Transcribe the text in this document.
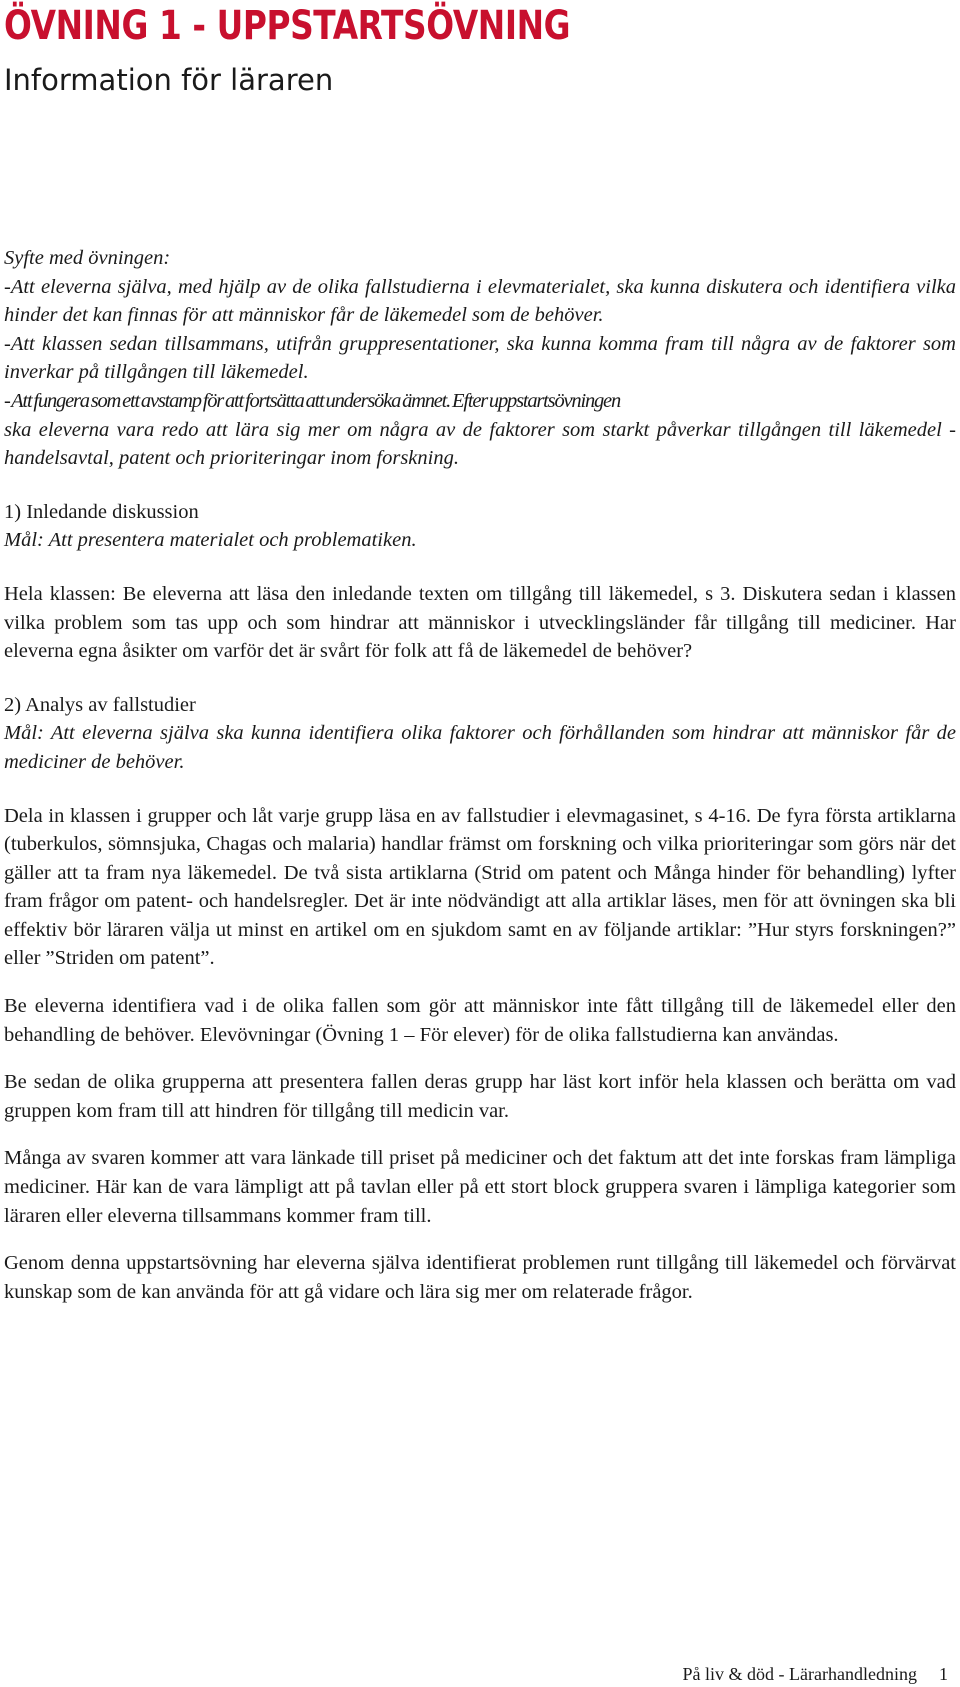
ÖVNING 1 - UPPSTARTSÖVNING
Information för läraren

Syfte med övningen:

-Att eleverna själva, med hjälp av de olika fallstudierna i elevmaterialet, ska kunna diskutera och identifiera vilka hinder det kan finnas för att människor får de läkemedel som de behöver.

-Att klassen sedan tillsammans, utifrån gruppresentationer, ska kunna komma fram till några av de faktorer som inverkar på tillgången till läkemedel.

- Att fungera som ett avstamp för att fortsätta att undersöka ämnet. Efter uppstartsövningen

ska eleverna vara redo att lära sig mer om några av de faktorer som starkt påverkar tillgången till läkemedel - handelsavtal, patent och prioriteringar inom forskning.

1) Inledande diskussion

Mål: Att presentera materialet och problematiken.

Hela klassen: Be eleverna att läsa den inledande texten om tillgång till läkemedel, s 3. Diskutera sedan i klassen vilka problem som tas upp och som hindrar att människor i utvecklingsländer får tillgång till mediciner. Har eleverna egna åsikter om varför det är svårt för folk att få de läkemedel de behöver?

2) Analys av fallstudier

Mål: Att eleverna själva ska kunna identifiera olika faktorer och förhållanden som hindrar att människor får de mediciner de behöver.

Dela in klassen i grupper och låt varje grupp läsa en av fallstudier i elevmagasinet, s 4-16. De fyra första artiklarna (tuberkulos, sömnsjuka, Chagas och malaria) handlar främst om forskning och vilka prioriteringar som görs när det gäller att ta fram nya läkemedel. De två sista artiklarna (Strid om patent och Många hinder för behandling) lyfter fram frågor om patent- och handelsregler. Det är inte nödvändigt att alla artiklar läses, men för att övningen ska bli effektiv bör läraren välja ut minst en artikel om en sjukdom samt en av följande artiklar: ”Hur styrs forskningen?” eller ”Striden om patent”.

Be eleverna identifiera vad i de olika fallen som gör att människor inte fått tillgång till de läkemedel eller den behandling de behöver. Elevövningar (Övning 1 – För elever) för de olika fallstudierna kan användas.

Be sedan de olika grupperna att presentera fallen deras grupp har läst kort inför hela klassen och berätta om vad gruppen kom fram till att hindren för tillgång till medicin var.

Många av svaren kommer att vara länkade till priset på mediciner och det faktum att det inte forskas fram lämpliga mediciner. Här kan de vara lämpligt att på tavlan eller på ett stort block gruppera svaren i lämpliga kategorier som läraren eller eleverna tillsammans kommer fram till.

Genom denna uppstartsövning har eleverna själva identifierat problemen runt tillgång till läkemedel och förvärvat kunskap som de kan använda för att gå vidare och lära sig mer om relaterade frågor.

På liv & död - Lärarhandledning 1
